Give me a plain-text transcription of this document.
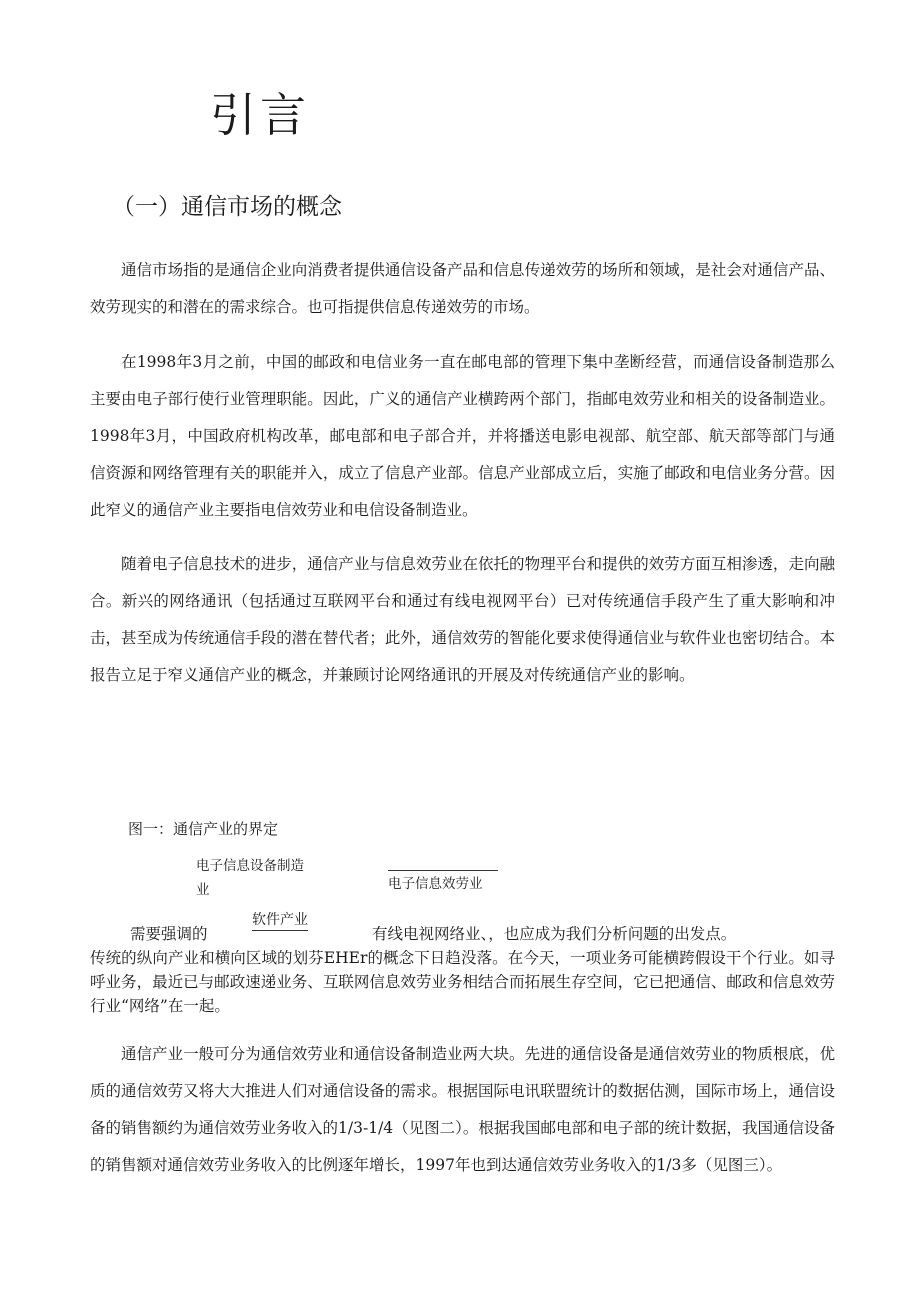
引言
（一）通信市场的概念

通信市场指的是通信企业向消费者提供通信设备产品和信息传递效劳的场所和领域，是社会对通信产品、效劳现实的和潜在的需求综合。也可指提供信息传递效劳的市场。

在1998年3月之前，中国的邮政和电信业务一直在邮电部的管理下集中垄断经营，而通信设备制造那么主要由电子部行使行业管理职能。因此，广义的通信产业横跨两个部门，指邮电效劳业和相关的设备制造业。1998年3月，中国政府机构改革，邮电部和电子部合并，并将播送电影电视部、航空部、航天部等部门与通信资源和网络管理有关的职能并入，成立了信息产业部。信息产业部成立后，实施了邮政和电信业务分营。因此窄义的通信产业主要指电信效劳业和电信设备制造业。

随着电子信息技术的进步，通信产业与信息效劳业在依托的物理平台和提供的效劳方面互相渗透，走向融合。新兴的网络通讯（包括通过互联网平台和通过有线电视网平台）已对传统通信手段产生了重大影响和冲击，甚至成为传统通信手段的潜在替代者；此外，通信效劳的智能化要求使得通信业与软件业也密切结合。本报告立足于窄义通信产业的概念，并兼顾讨论网络通讯的开展及对传统通信产业的影响。

图一：通信产业的界定
电子信息设备制造业	电子信息效劳业
需要强调的
软件产业
有线电视网络业、，也应成为我们分析问题的出发点。

传统的纵向产业和横向区域的划芬EHEr的概念下日趋没落。在今天，一项业务可能横跨假设干个行业。如寻呼业务，最近已与邮政速递业务、互联网信息效劳业务相结合而拓展生存空间，它已把通信、邮政和信息效劳行业“网络”在一起。

通信产业一般可分为通信效劳业和通信设备制造业两大块。先进的通信设备是通信效劳业的物质根底，优质的通信效劳又将大大推进人们对通信设备的需求。根据国际电讯联盟统计的数据估测，国际市场上，通信设备的销售额约为通信效劳业务收入的1/3-1/4（见图二）。根据我国邮电部和电子部的统计数据，我国通信设备的销售额对通信效劳业务收入的比例逐年增长，1997年也到达通信效劳业务收入的1/3多（见图三）。
